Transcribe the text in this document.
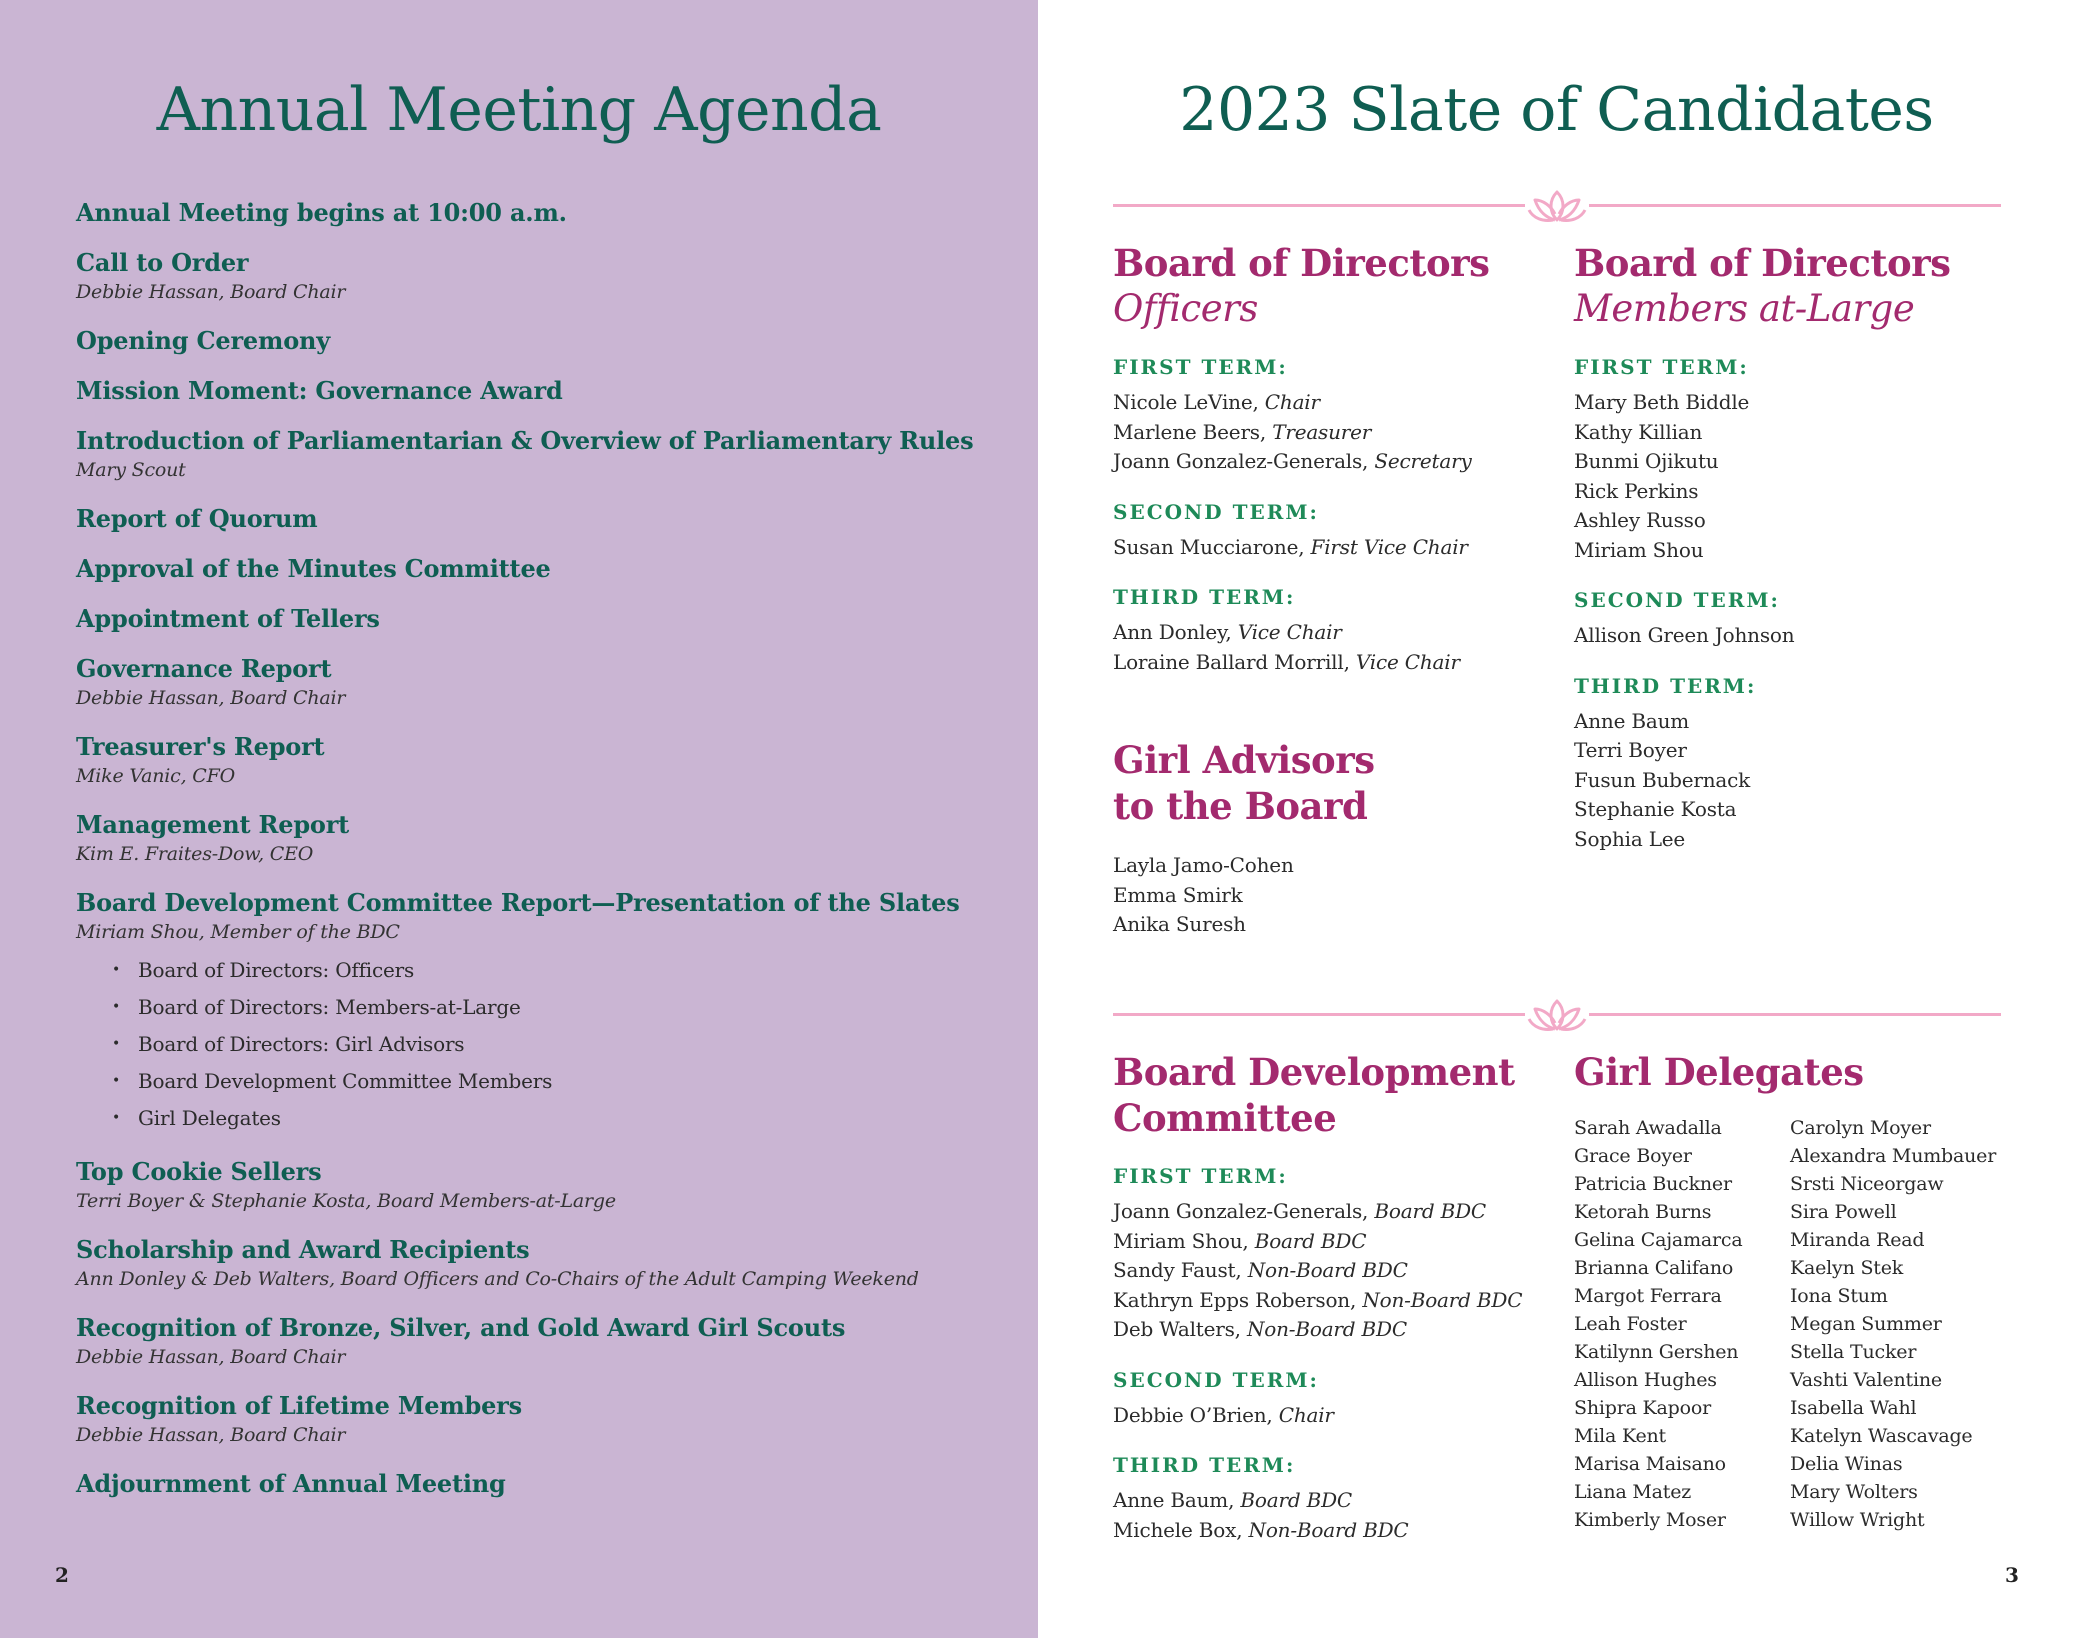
Annual Meeting Agenda
Annual Meeting begins at 10:00 a.m.
Call to Order
Debbie Hassan, Board Chair
Opening Ceremony
Mission Moment: Governance Award
Introduction of Parliamentarian & Overview of Parliamentary Rules
Mary Scout
Report of Quorum
Approval of the Minutes Committee
Appointment of Tellers
Governance Report
Debbie Hassan, Board Chair
Treasurer's Report
Mike Vanic, CFO
Management Report
Kim E. Fraites-Dow, CEO
Board Development Committee Report—Presentation of the Slates
Miriam Shou, Member of the BDC
• Board of Directors: Officers
• Board of Directors: Members-at-Large
• Board of Directors: Girl Advisors
• Board Development Committee Members
• Girl Delegates
Top Cookie Sellers
Terri Boyer & Stephanie Kosta, Board Members-at-Large
Scholarship and Award Recipients
Ann Donley & Deb Walters, Board Officers and Co-Chairs of the Adult Camping Weekend
Recognition of Bronze, Silver, and Gold Award Girl Scouts
Debbie Hassan, Board Chair
Recognition of Lifetime Members
Debbie Hassan, Board Chair
Adjournment of Annual Meeting
2
2023 Slate of Candidates
Board of Directors
Officers
FIRST TERM:
Nicole LeVine, Chair
Marlene Beers, Treasurer
Joann Gonzalez-Generals, Secretary
SECOND TERM:
Susan Mucciarone, First Vice Chair
THIRD TERM:
Ann Donley, Vice Chair
Loraine Ballard Morrill, Vice Chair
Board of Directors
Members at-Large
FIRST TERM:
Mary Beth Biddle
Kathy Killian
Bunmi Ojikutu
Rick Perkins
Ashley Russo
Miriam Shou
SECOND TERM:
Allison Green Johnson
THIRD TERM:
Anne Baum
Terri Boyer
Fusun Bubernack
Stephanie Kosta
Sophia Lee
Girl Advisors
to the Board
Layla Jamo-Cohen
Emma Smirk
Anika Suresh
Board Development
Committee
FIRST TERM:
Joann Gonzalez-Generals, Board BDC
Miriam Shou, Board BDC
Sandy Faust, Non-Board BDC
Kathryn Epps Roberson, Non-Board BDC
Deb Walters, Non-Board BDC
SECOND TERM:
Debbie O’Brien, Chair
THIRD TERM:
Anne Baum, Board BDC
Michele Box, Non-Board BDC
Girl Delegates
Sarah Awadalla
Grace Boyer
Patricia Buckner
Ketorah Burns
Gelina Cajamarca
Brianna Califano
Margot Ferrara
Leah Foster
Katilynn Gershen
Allison Hughes
Shipra Kapoor
Mila Kent
Marisa Maisano
Liana Matez
Kimberly Moser
Carolyn Moyer
Alexandra Mumbauer
Srsti Niceorgaw
Sira Powell
Miranda Read
Kaelyn Stek
Iona Stum
Megan Summer
Stella Tucker
Vashti Valentine
Isabella Wahl
Katelyn Wascavage
Delia Winas
Mary Wolters
Willow Wright
3
